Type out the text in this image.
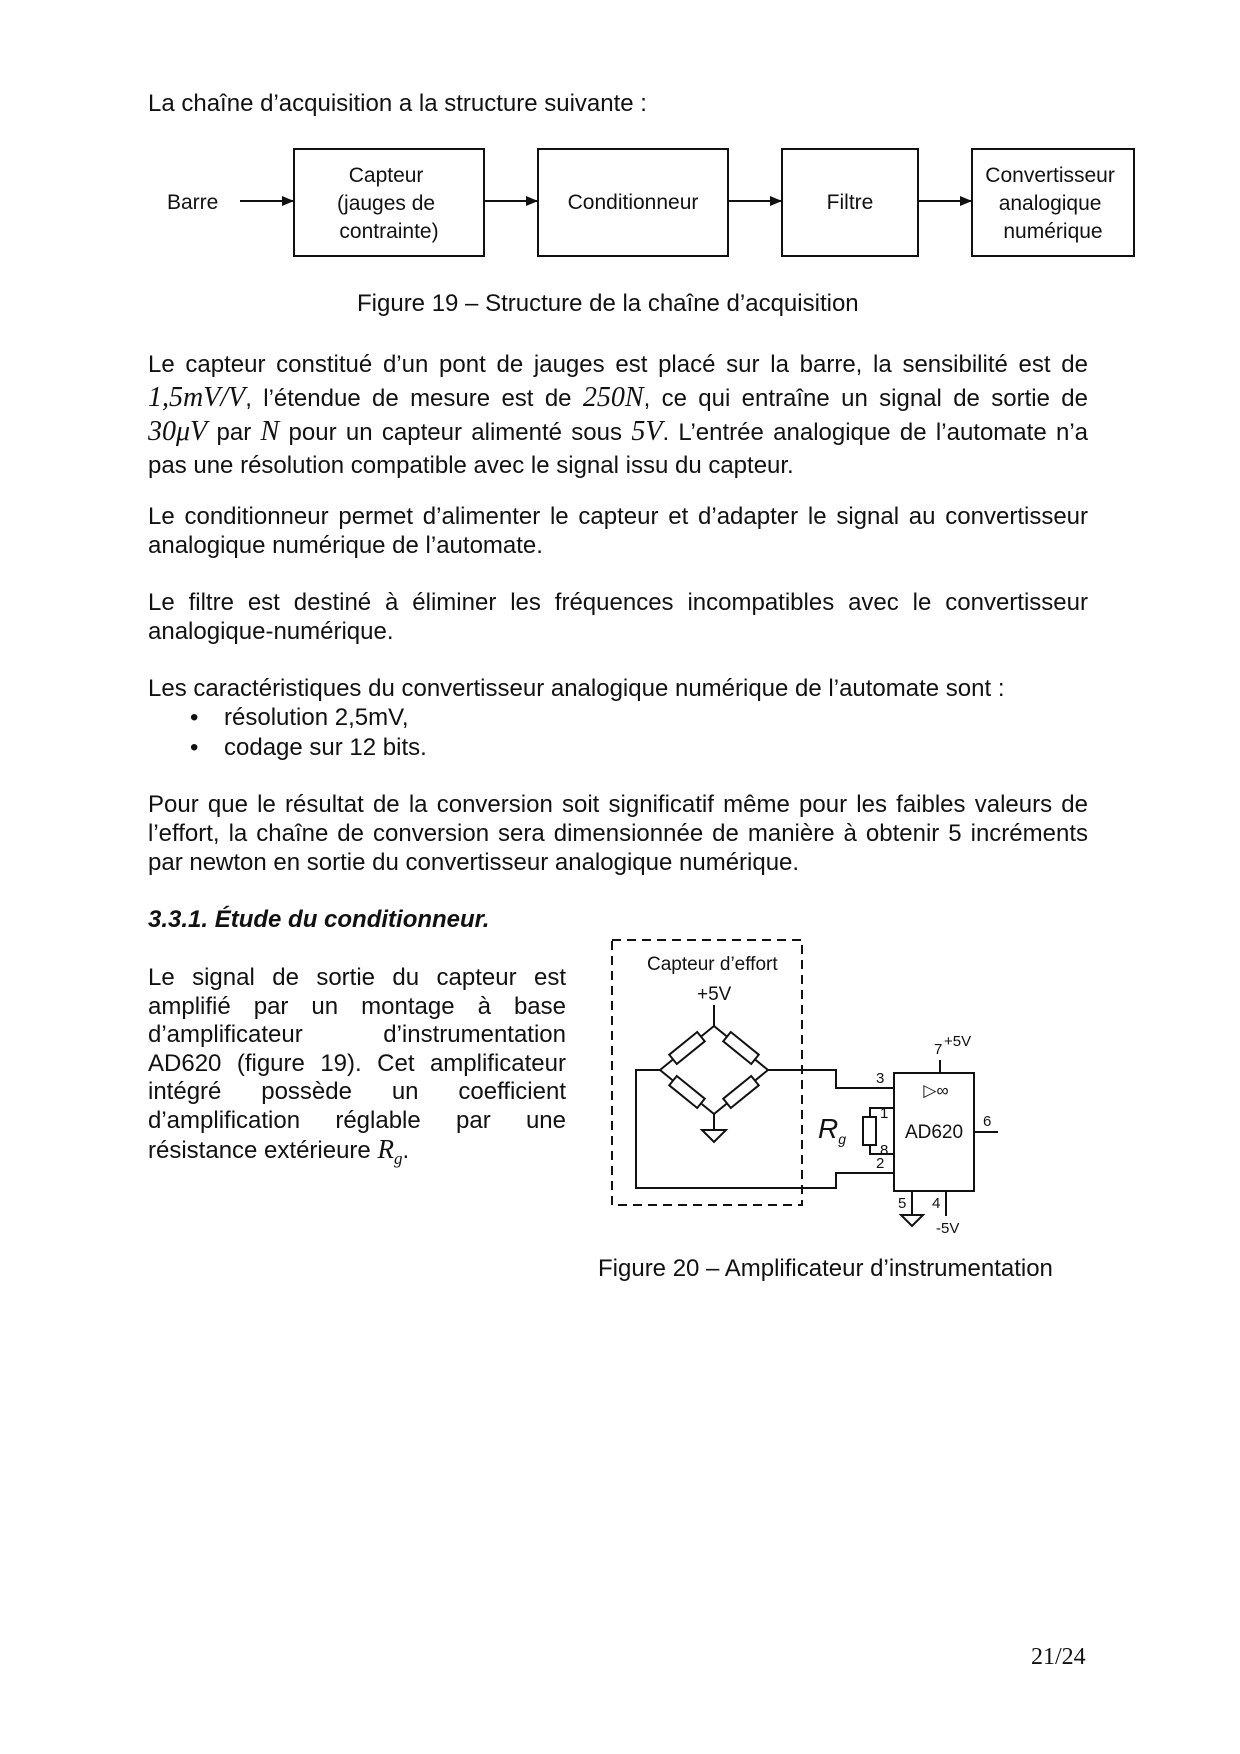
La chaîne d’acquisition a la structure suivante :
Barre
Capteur (jauges de contrainte)
Conditionneur	Filtre
Convertisseur analogique numérique
Figure 19 – Structure de la chaîne d’acquisition
Le capteur constitué d’un pont de jauges est placé sur la barre, la sensibilité est de 1,5mV/V, l’étendue de mesure est de 250N, ce qui entraîne un signal de sortie de 30μV par N pour un capteur alimenté sous 5V. L’entrée analogique de l’automate n’a pas une résolution compatible avec le signal issu du capteur.
Le conditionneur permet d’alimenter le capteur et d’adapter le signal au convertisseur analogique numérique de l’automate.
Le filtre est destiné à éliminer les fréquences incompatibles avec le convertisseur analogique-numérique.
Les caractéristiques du convertisseur analogique numérique de l’automate sont :
• résolution 2,5mV,
• codage sur 12 bits.
Pour que le résultat de la conversion soit significatif même pour les faibles valeurs de l’effort, la chaîne de conversion sera dimensionnée de manière à obtenir 5 incréments par newton en sortie du convertisseur analogique numérique.
3.3.1. Étude du conditionneur.
Le signal de sortie du capteur est amplifié par un montage à base d’amplificateur d’instrumentation AD620 (figure 19). Cet amplificateur intégré possède un coefficient d’amplification réglable par une résistance extérieure $R_g$.
Capteur d’effort
+5V
3
2
$R_g$
1
8
▷∞
AD620
7 +5V
6
5 4
-5V
Figure 20 – Amplificateur d’instrumentation
21/24
